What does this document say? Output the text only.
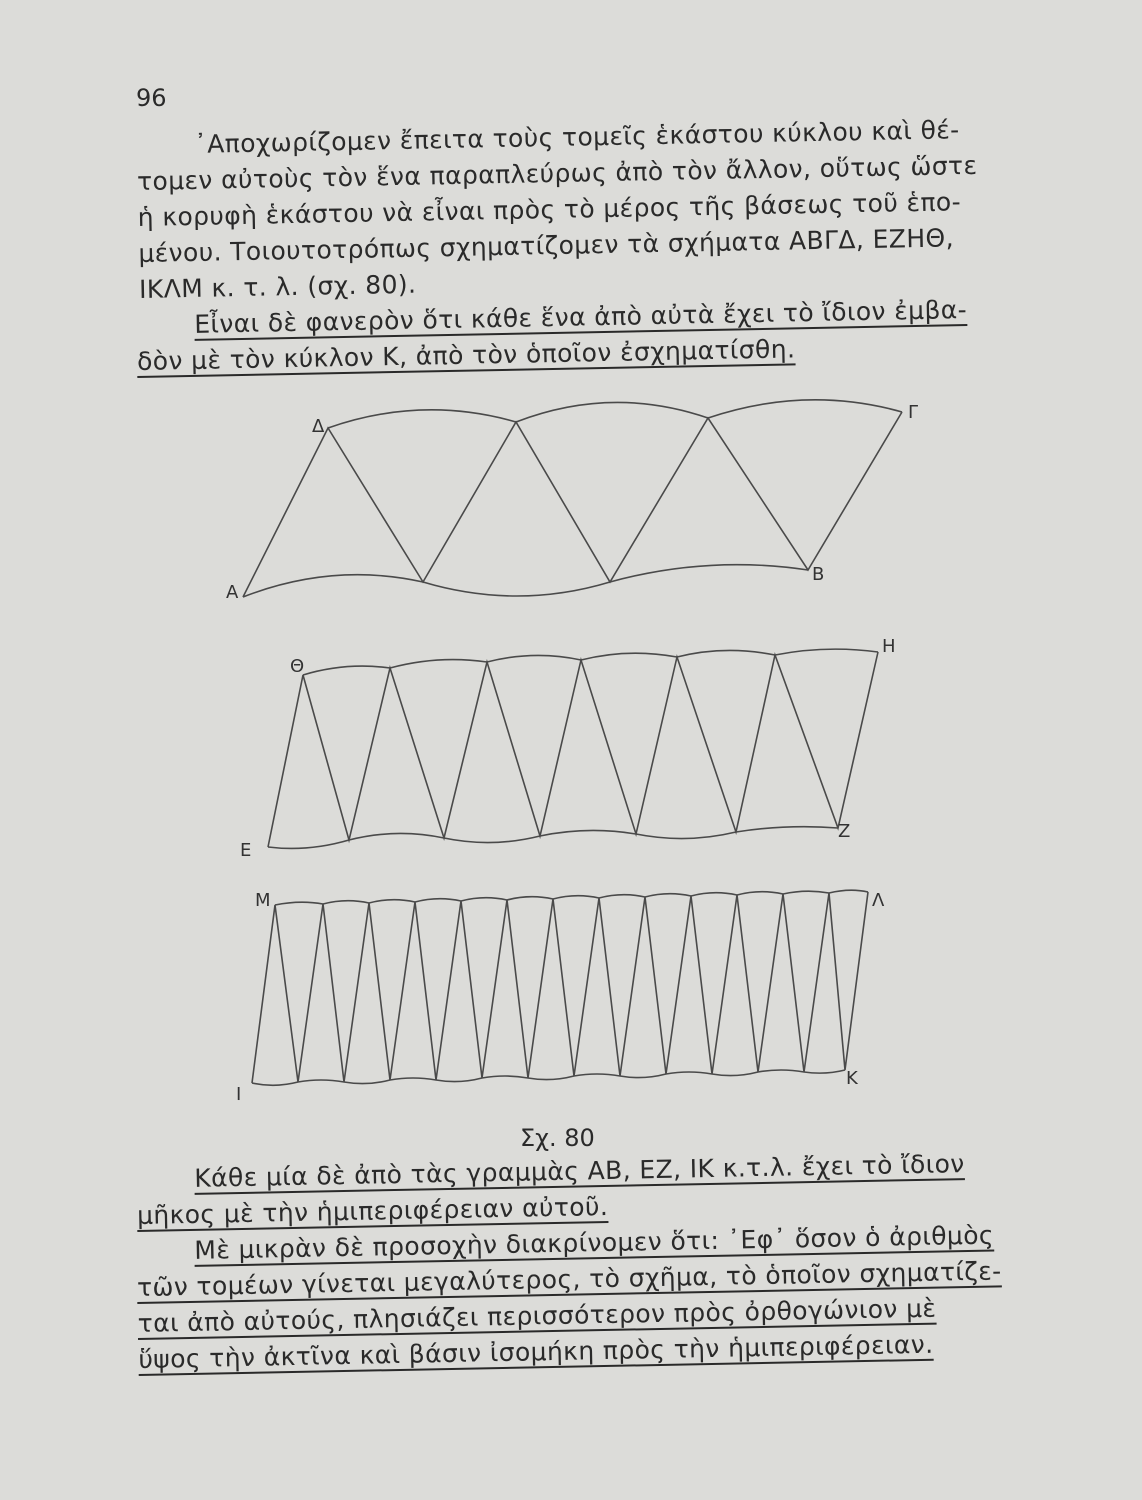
96
᾿Αποχωρίζομεν ἔπειτα τοὺς τομεῖς ἑκάστου κύκλου καὶ θέ-
τομεν αὐτοὺς τὸν ἕνα παραπλεύρως ἀπὸ τὸν ἄλλον, οὕτως ὥστε
ἡ κορυφὴ ἑκάστου νὰ εἶναι πρὸς τὸ μέρος τῆς βάσεως τοῦ ἑπο-
μένου. Τοιουτοτρόπως σχηματίζομεν τὰ σχήματα ΑΒΓΔ, ΕΖΗΘ,
ΙΚΛΜ κ. τ. λ. (σχ. 80).
Εἶναι δὲ φανερὸν ὅτι κάθε ἕνα ἀπὸ αὐτὰ ἔχει τὸ ἴδιον ἐμβα-
δὸν μὲ τὸν κύκλον Κ, ἀπὸ τὸν ὁποῖον ἐσχηματίσθη.
Δ
Γ
Α
Β
Θ
Η
Ε
Ζ
Μ	Λ
Ι
Κ
Σχ. 80
Κάθε μία δὲ ἀπὸ τὰς γραμμὰς ΑΒ, ΕΖ, ΙΚ κ.τ.λ. ἔχει τὸ ἴδιον
μῆκος μὲ τὴν ἡμιπεριφέρειαν αὐτοῦ.
Μὲ μικρὰν δὲ προσοχὴν διακρίνομεν ὅτι: ᾿Εφ᾿ ὅσον ὁ ἀριθμὸς
τῶν τομέων γίνεται μεγαλύτερος, τὸ σχῆμα, τὸ ὁποῖον σχηματίζε-
ται ἀπὸ αὐτούς, πλησιάζει περισσότερον πρὸς ὀρθογώνιον μὲ
ὕψος τὴν ἀκτῖνα καὶ βάσιν ἰσομήκη πρὸς τὴν ἡμιπεριφέρειαν.
